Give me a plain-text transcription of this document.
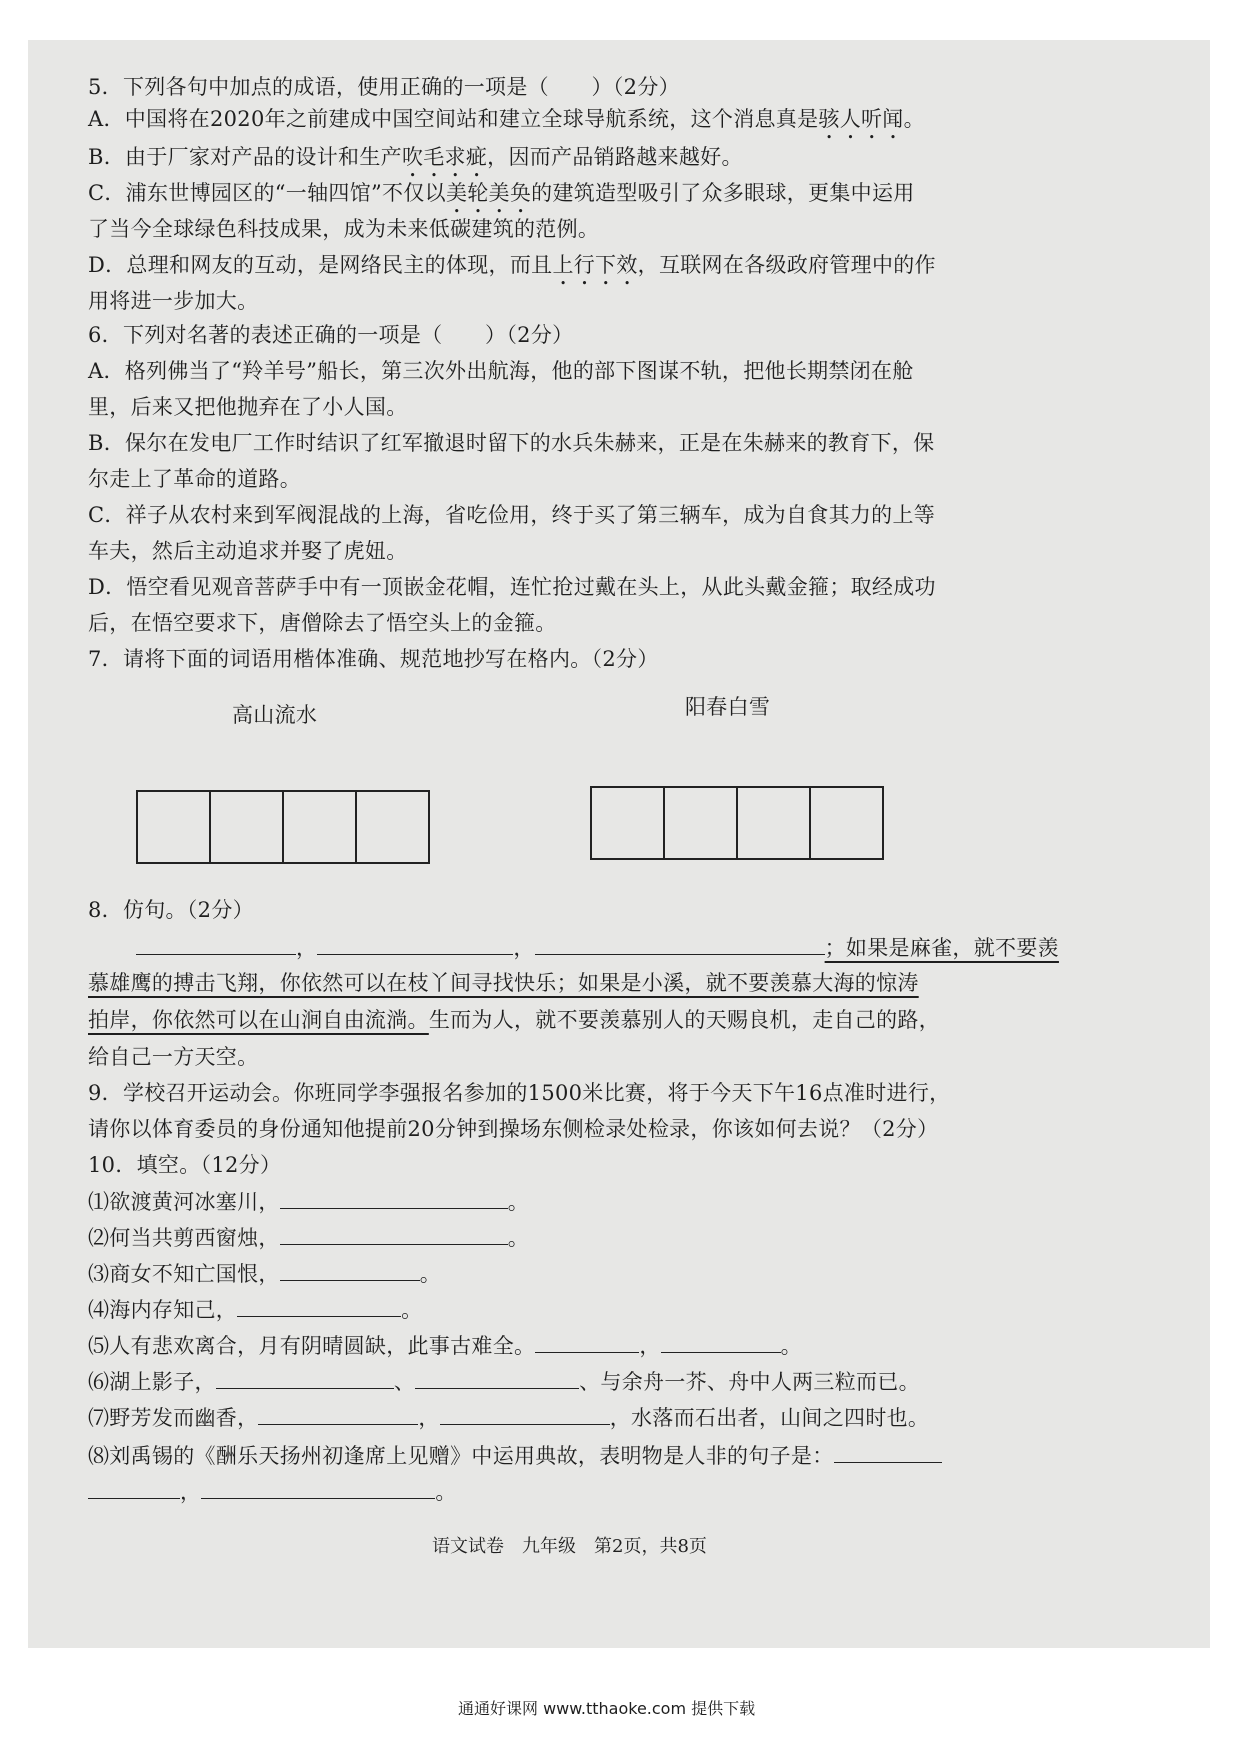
5．下列各句中加点的成语，使用正确的一项是（　　）（2分）
A．中国将在2020年之前建成中国空间站和建立全球导航系统，这个消息真是骇人听闻。
B．由于厂家对产品的设计和生产吹毛求疵，因而产品销路越来越好。
C．浦东世博园区的“一轴四馆”不仅以美轮美奂的建筑造型吸引了众多眼球，更集中运用
了当今全球绿色科技成果，成为未来低碳建筑的范例。
D．总理和网友的互动，是网络民主的体现，而且上行下效，互联网在各级政府管理中的作
用将进一步加大。
6．下列对名著的表述正确的一项是（　　）（2分）
A．格列佛当了“羚羊号”船长，第三次外出航海，他的部下图谋不轨，把他长期禁闭在舱
里，后来又把他抛弃在了小人国。
B．保尔在发电厂工作时结识了红军撤退时留下的水兵朱赫来，正是在朱赫来的教育下，保
尔走上了革命的道路。
C．祥子从农村来到军阀混战的上海，省吃俭用，终于买了第三辆车，成为自食其力的上等
车夫，然后主动追求并娶了虎妞。
D．悟空看见观音菩萨手中有一顶嵌金花帽，连忙抢过戴在头上，从此头戴金箍；取经成功
后，在悟空要求下，唐僧除去了悟空头上的金箍。
7．请将下面的词语用楷体准确、规范地抄写在格内。（2分）
高山流水	阳春白雪
8．仿句。（2分）
，	，	；如果是麻雀，就不要羡
慕雄鹰的搏击飞翔，你依然可以在枝丫间寻找快乐；如果是小溪，就不要羡慕大海的惊涛
拍岸，你依然可以在山涧自由流淌。生而为人，就不要羡慕别人的天赐良机，走自己的路，
给自己一方天空。
9．学校召开运动会。你班同学李强报名参加的1500米比赛，将于今天下午16点准时进行，
请你以体育委员的身份通知他提前20分钟到操场东侧检录处检录，你该如何去说？（2分）
10．填空。（12分）
⑴欲渡黄河冰塞川，	。
⑵何当共剪西窗烛，	。
⑶商女不知亡国恨，	。
⑷海内存知己，	。
⑸人有悲欢离合，月有阴晴圆缺，此事古难全。	，	。
⑹湖上影子，	、	、与余舟一芥、舟中人两三粒而已。
⑺野芳发而幽香，	，	，水落而石出者，山间之四时也。
⑻刘禹锡的《酬乐天扬州初逢席上见赠》中运用典故，表明物是人非的句子是：
，	。
语文试卷　九年级　第2页，共8页
通通好课网 www.tthaoke.com 提供下载
